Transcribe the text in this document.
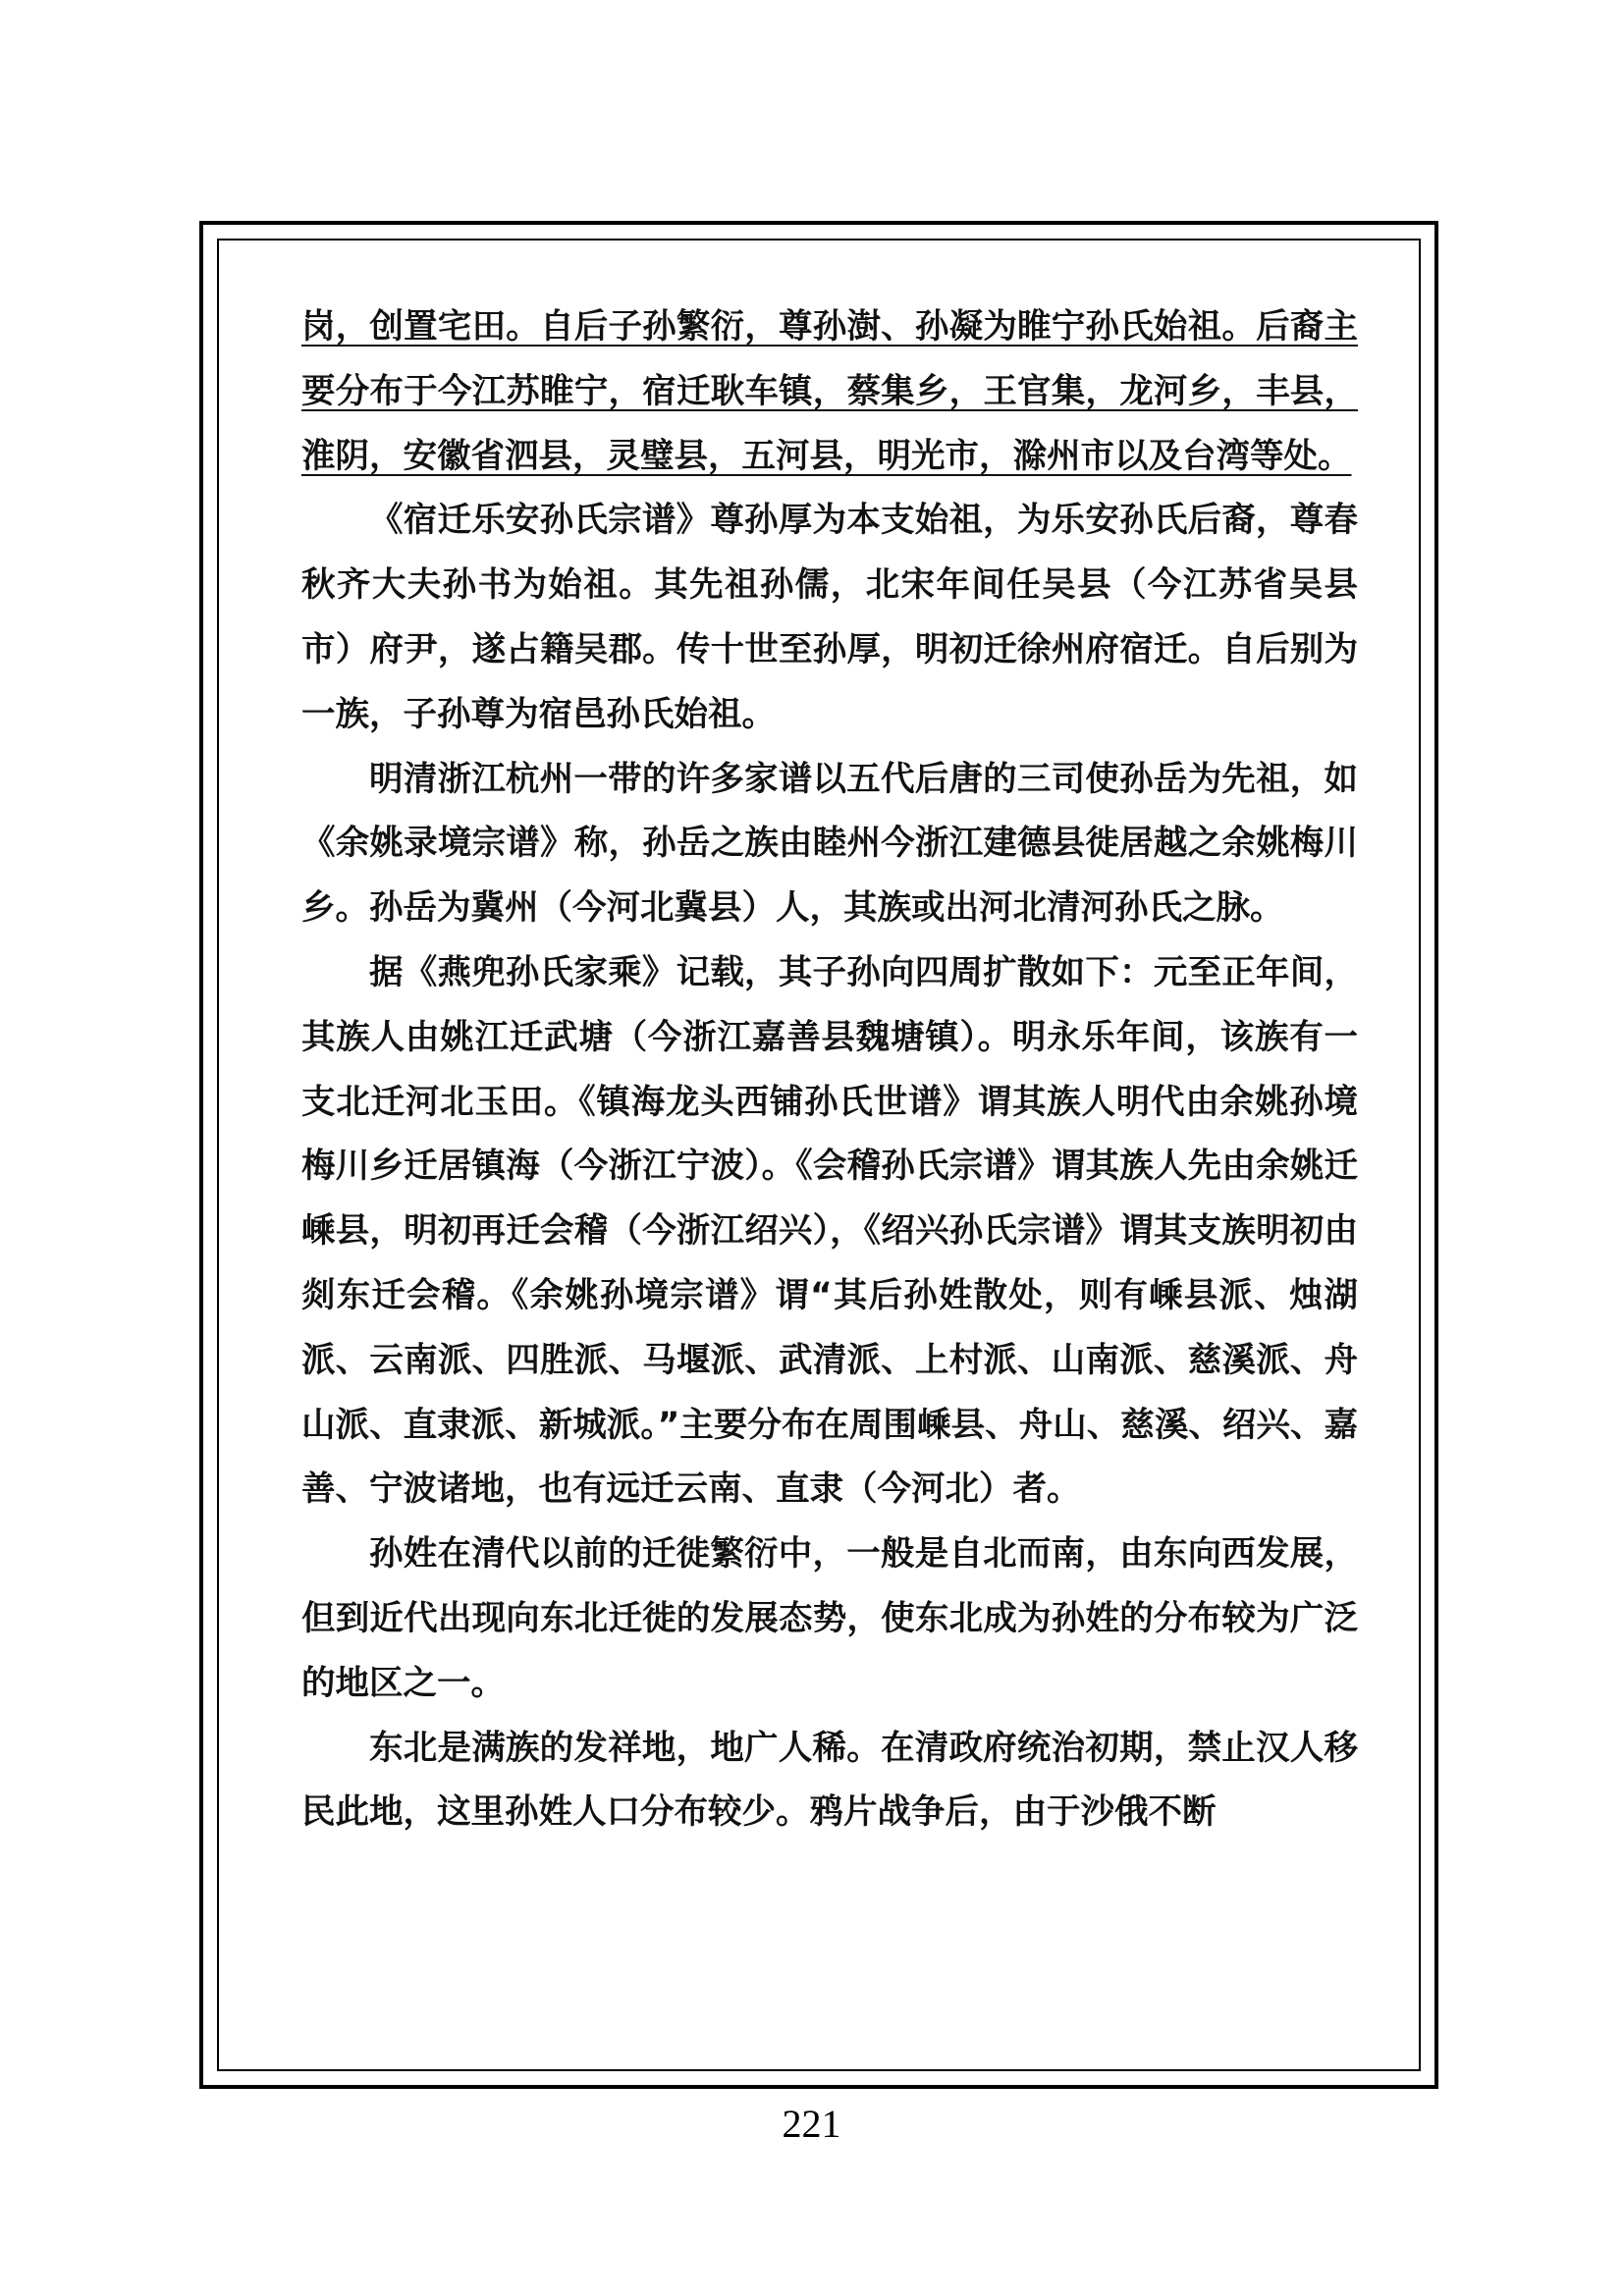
岗，创置宅田。自后子孙繁衍，尊孙澍、孙凝为睢宁孙氏始祖。后裔主要分布于今江苏睢宁，宿迁耿车镇，蔡集乡，王官集，龙河乡，丰县，淮阴，安徽省泗县，灵璧县，五河县，明光市，滁州市以及台湾等处。

《宿迁乐安孙氏宗谱》尊孙厚为本支始祖，为乐安孙氏后裔，尊春秋齐大夫孙书为始祖。其先祖孙儒，北宋年间任吴县（今江苏省吴县市）府尹，遂占籍吴郡。传十世至孙厚，明初迁徐州府宿迁。自后别为一族，子孙尊为宿邑孙氏始祖。

明清浙江杭州一带的许多家谱以五代后唐的三司使孙岳为先祖，如《余姚录境宗谱》称，孙岳之族由睦州今浙江建德县徙居越之余姚梅川乡。孙岳为冀州（今河北冀县）人，其族或出河北清河孙氏之脉。

据《燕兜孙氏家乘》记载，其子孙向四周扩散如下：元至正年间，其族人由姚江迁武塘（今浙江嘉善县魏塘镇）。明永乐年间，该族有一支北迁河北玉田。《镇海龙头西铺孙氏世谱》谓其族人明代由余姚孙境梅川乡迁居镇海（今浙江宁波）。《会稽孙氏宗谱》谓其族人先由余姚迁嵊县，明初再迁会稽（今浙江绍兴），《绍兴孙氏宗谱》谓其支族明初由剡东迁会稽。《余姚孙境宗谱》谓“其后孙姓散处，则有嵊县派、烛湖派、云南派、四胜派、马堰派、武清派、上村派、山南派、慈溪派、舟山派、直隶派、新城派。”主要分布在周围嵊县、舟山、慈溪、绍兴、嘉善、宁波诸地，也有远迁云南、直隶（今河北）者。

孙姓在清代以前的迁徙繁衍中，一般是自北而南，由东向西发展，但到近代出现向东北迁徙的发展态势，使东北成为孙姓的分布较为广泛的地区之一。

东北是满族的发祥地，地广人稀。在清政府统治初期，禁止汉人移民此地，这里孙姓人口分布较少。鸦片战争后，由于沙俄不断

221
